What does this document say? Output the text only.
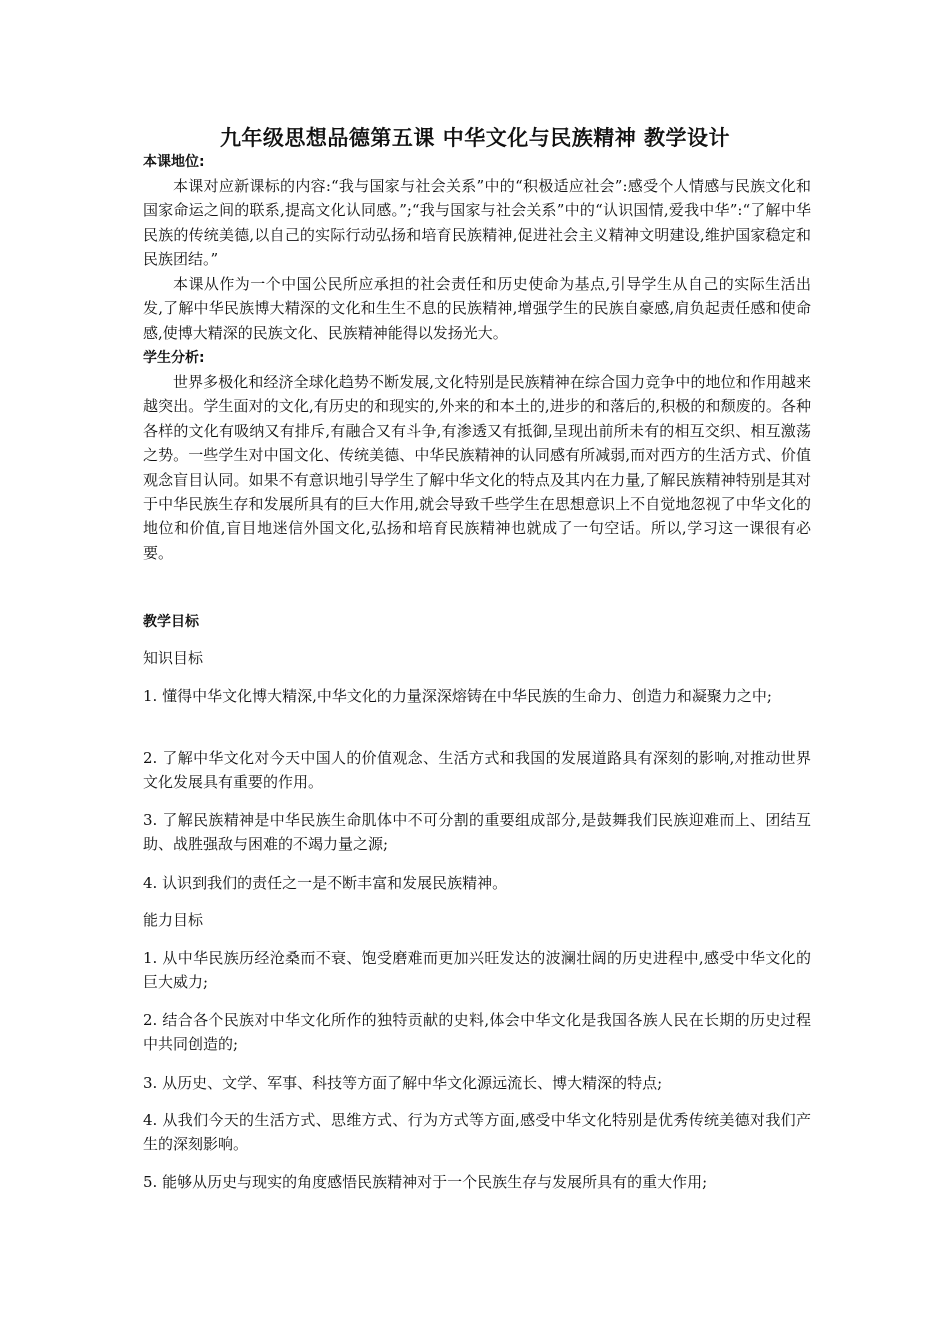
九年级思想品德第五课 中华文化与民族精神 教学设计
本课地位:
本课对应新课标的内容:“我与国家与社会关系”中的“积极适应社会”:感受个人情感与民族文化和国家命运之间的联系,提高文化认同感。”;“我与国家与社会关系”中的“认识国情,爱我中华”:“了解中华民族的传统美德,以自己的实际行动弘扬和培育民族精神,促进社会主义精神文明建设,维护国家稳定和民族团结。”
本课从作为一个中国公民所应承担的社会责任和历史使命为基点,引导学生从自己的实际生活出发,了解中华民族博大精深的文化和生生不息的民族精神,增强学生的民族自豪感,肩负起责任感和使命感,使博大精深的民族文化、民族精神能得以发扬光大。
学生分析:
世界多极化和经济全球化趋势不断发展,文化特别是民族精神在综合国力竞争中的地位和作用越来越突出。学生面对的文化,有历史的和现实的,外来的和本土的,进步的和落后的,积极的和颓废的。各种各样的文化有吸纳又有排斥,有融合又有斗争,有渗透又有抵御,呈现出前所未有的相互交织、相互激荡之势。一些学生对中国文化、传统美德、中华民族精神的认同感有所减弱,而对西方的生活方式、价值观念盲目认同。如果不有意识地引导学生了解中华文化的特点及其内在力量,了解民族精神特别是其对于中华民族生存和发展所具有的巨大作用,就会导致千些学生在思想意识上不自觉地忽视了中华文化的地位和价值,盲目地迷信外国文化,弘扬和培育民族精神也就成了一句空话。所以,学习这一课很有必要。
教学目标
知识目标
1. 懂得中华文化博大精深,中华文化的力量深深熔铸在中华民族的生命力、创造力和凝聚力之中;
2. 了解中华文化对今天中国人的价值观念、生活方式和我国的发展道路具有深刻的影响,对推动世界文化发展具有重要的作用。
3. 了解民族精神是中华民族生命肌体中不可分割的重要组成部分,是鼓舞我们民族迎难而上、团结互助、战胜强敌与困难的不竭力量之源;
4. 认识到我们的责任之一是不断丰富和发展民族精神。
能力目标
1. 从中华民族历经沧桑而不衰、饱受磨难而更加兴旺发达的波澜壮阔的历史进程中,感受中华文化的巨大威力;
2. 结合各个民族对中华文化所作的独特贡献的史料,体会中华文化是我国各族人民在长期的历史过程中共同创造的;
3. 从历史、文学、军事、科技等方面了解中华文化源远流长、博大精深的特点;
4. 从我们今天的生活方式、思维方式、行为方式等方面,感受中华文化特别是优秀传统美德对我们产生的深刻影响。
5. 能够从历史与现实的角度感悟民族精神对于一个民族生存与发展所具有的重大作用;
